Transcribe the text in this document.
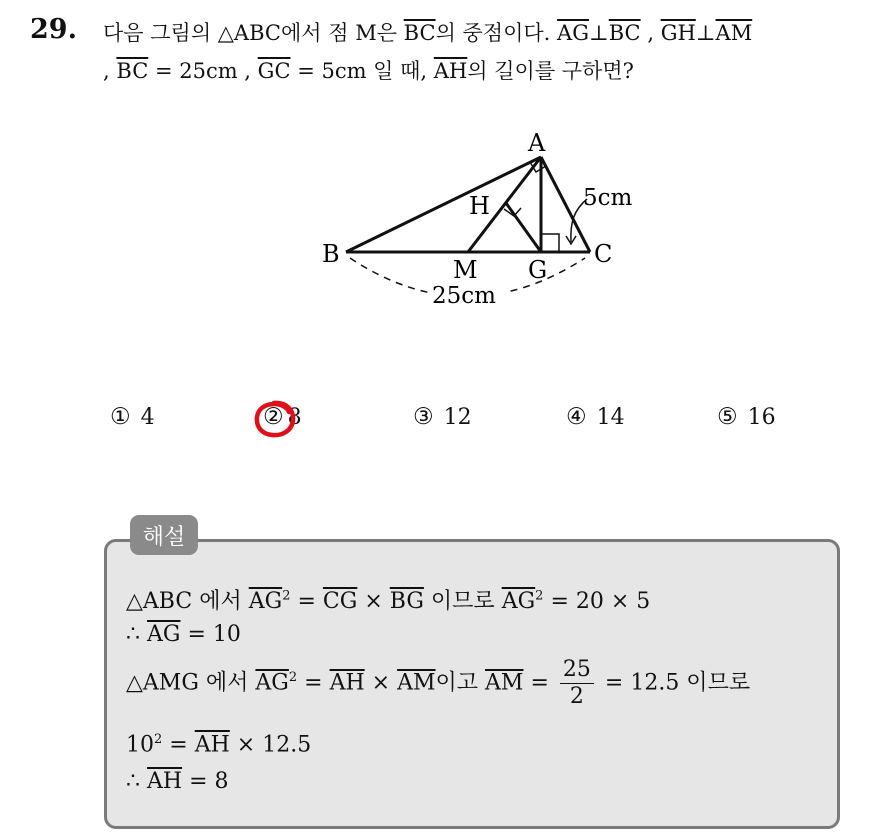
29. 다음 그림의 △ABC에서 점 M은 $\overline{BC}$의 중점이다. $\overline{AG}\perp\overline{BC}$ , $\overline{GH}\perp\overline{AM}$
, $\overline{BC} = 25cm$ , $\overline{GC} = 5cm$ 일 때, $\overline{AH}$의 길이를 구하면?
A
B	C
H
M G
5cm
25cm
① 4	② 8	③ 12	④ 14	⑤ 16
해설
△ABC 에서 $\overline{AG}^2 = \overline{CG} \times \overline{BG}$ 이므로 $\overline{AG}^2 = 20 \times 5$
∴ $\overline{AG} = 10$
△AMG 에서 $\overline{AG}^2 = \overline{AH} \times \overline{AM}$이고 $\overline{AM} = \frac{25}{2} = 12.5$ 이므로
$10^2 = \overline{AH} \times 12.5$
∴ $\overline{AH} = 8$
